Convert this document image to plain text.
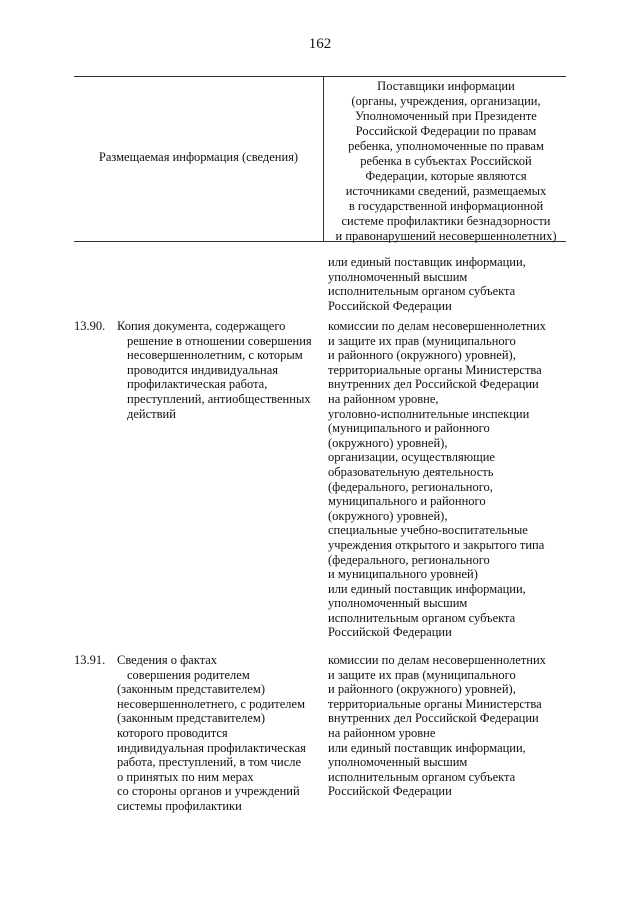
162
Размещаемая информация (сведения)
Поставщики информации
(органы, учреждения, организации,
Уполномоченный при Президенте
Российской Федерации по правам
ребенка, уполномоченные по правам
ребенка в субъектах Российской
Федерации, которые являются
источниками сведений, размещаемых
в государственной информационной
системе профилактики безнадзорности
и правонарушений несовершеннолетних)
или единый поставщик информации,
уполномоченный высшим
исполнительным органом субъекта
Российской Федерации
13.90. Копия документа, содержащего
решение в отношении совершения
несовершеннолетним, с которым
проводится индивидуальная
профилактическая работа,
преступлений, антиобщественных
действий
комиссии по делам несовершеннолетних
и защите их прав (муниципального
и районного (окружного) уровней),
территориальные органы Министерства
внутренних дел Российской Федерации
на районном уровне,
уголовно-исполнительные инспекции
(муниципального и районного
(окружного) уровней),
организации, осуществляющие
образовательную деятельность
(федерального, регионального,
муниципального и районного
(окружного) уровней),
специальные учебно-воспитательные
учреждения открытого и закрытого типа
(федерального, регионального
и муниципального уровней)
или единый поставщик информации,
уполномоченный высшим
исполнительным органом субъекта
Российской Федерации
13.91. Сведения о фактах
совершения родителем
(законным представителем)
несовершеннолетнего, с родителем
(законным представителем)
которого проводится
индивидуальная профилактическая
работа, преступлений, в том числе
о принятых по ним мерах
со стороны органов и учреждений
системы профилактики
комиссии по делам несовершеннолетних
и защите их прав (муниципального
и районного (окружного) уровней),
территориальные органы Министерства
внутренних дел Российской Федерации
на районном уровне
или единый поставщик информации,
уполномоченный высшим
исполнительным органом субъекта
Российской Федерации
